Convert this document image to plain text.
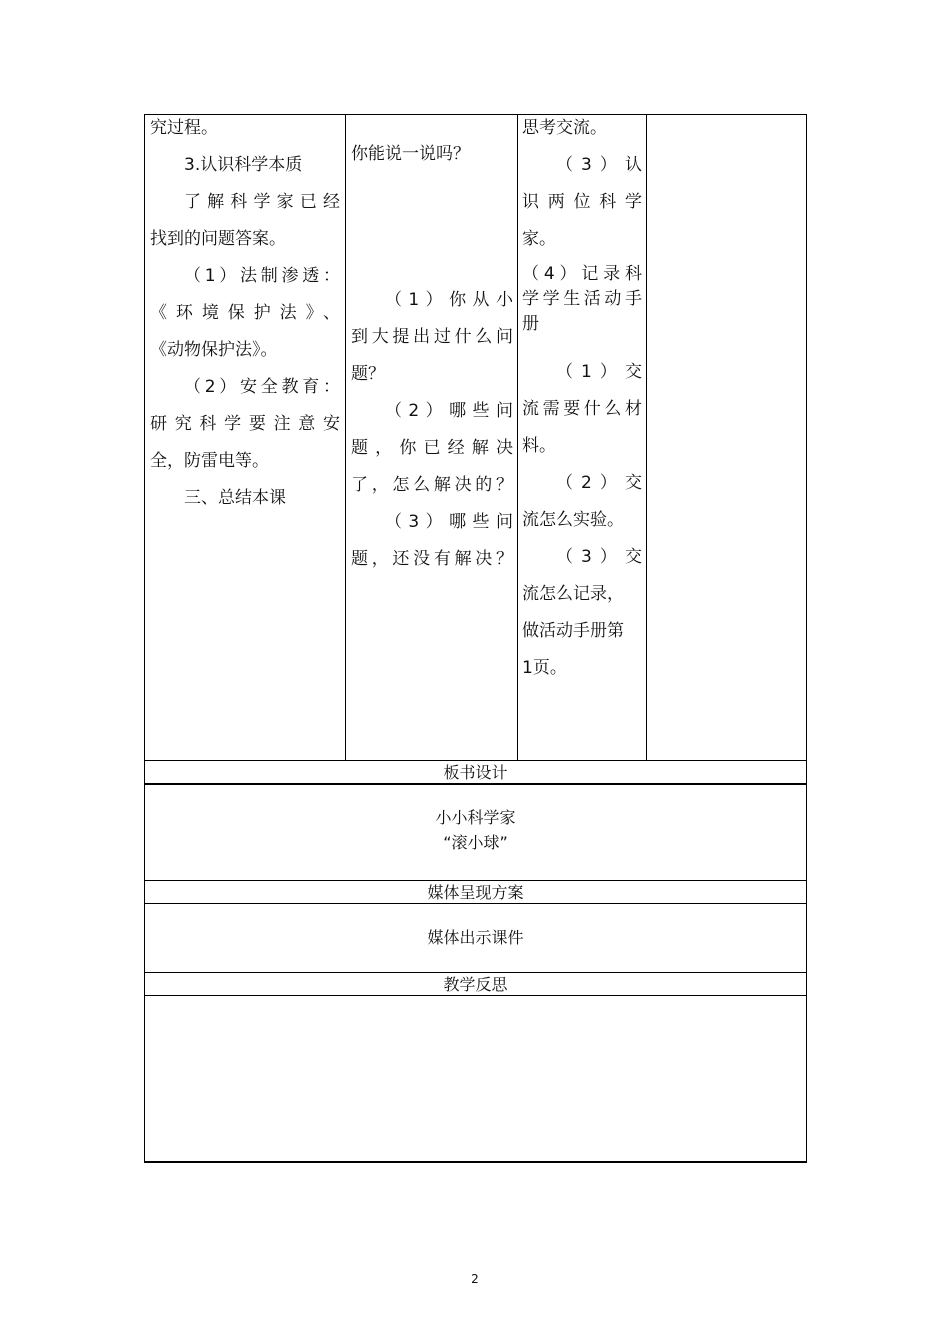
究过程。

3.认识科学本质

了解科学家已经

找到的问题答案。

（1）法制渗透：

《环境保护法》、

《动物保护法》。

（2）安全教育：

研究科学要注意安

全，防雷电等。

三、总结本课

你能说一说吗？

（1）你从小

到大提出过什么问

题？

（2）哪些问

题，你已经解决

了，怎么解决的？

（3）哪些问

题，还没有解决？

思考交流。

（3）认

识两位科学

家。

（4）记录科

学学生活动手

册

（1）交

流需要什么材

料。

（2）交

流怎么实验。

（3）交

流怎么记录，

做活动手册第

1页。

板书设计
小小科学家
“滚小球”
媒体呈现方案
媒体出示课件
教学反思
2
